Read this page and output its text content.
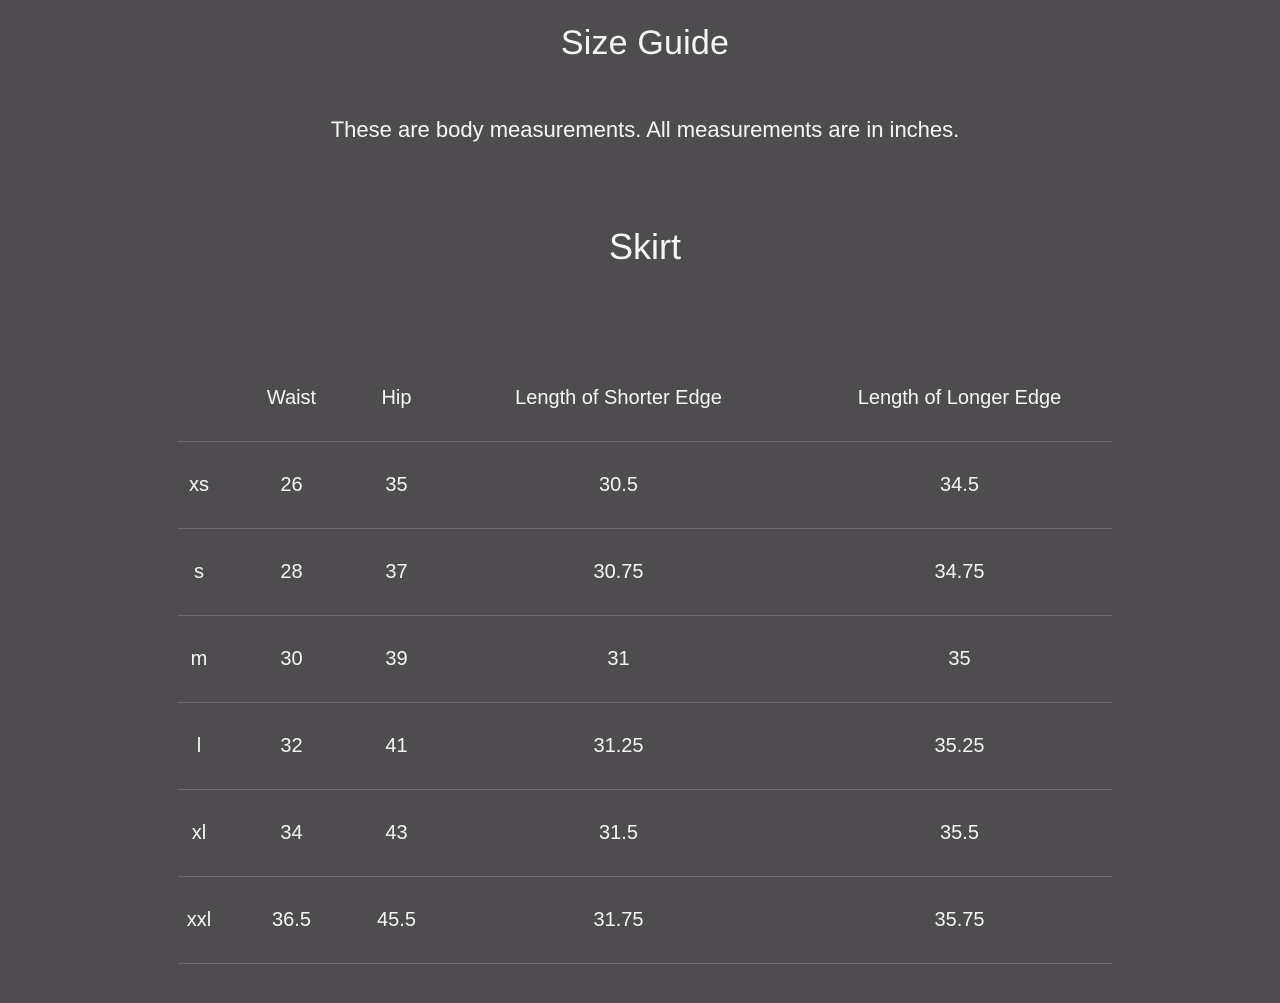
Size Guide

These are body measurements. All measurements are in inches.

Skirt
	Waist	Hip	Length of Shorter Edge	Length of Longer Edge
xs	26	35	30.5	34.5
s	28	37	30.75	34.75
m	30	39	31	35
l	32	41	31.25	35.25
xl	34	43	31.5	35.5
xxl	36.5	45.5	31.75	35.75
